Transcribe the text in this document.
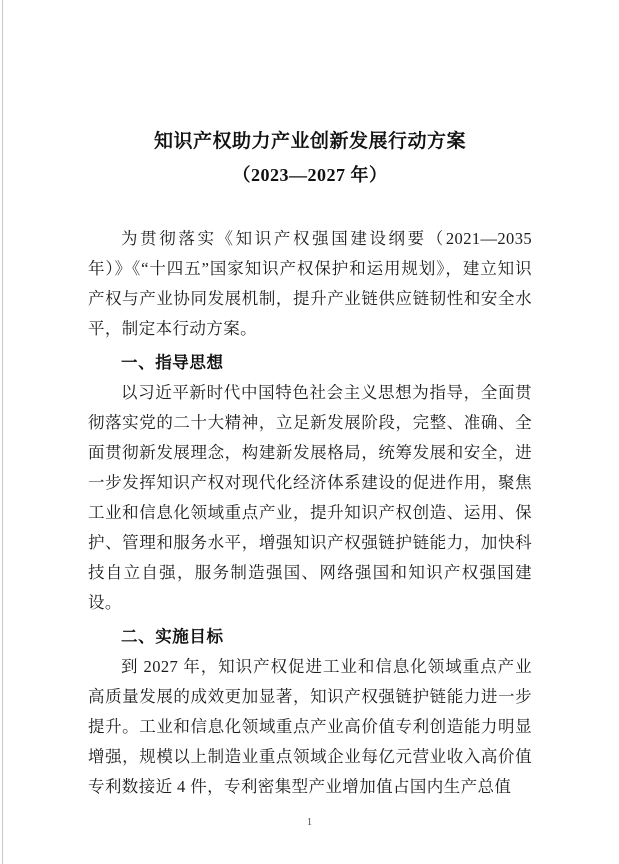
知识产权助力产业创新发展行动方案
（2023—2027 年）

为贯彻落实《知识产权强国建设纲要（2021—2035 年）》《“十四五”国家知识产权保护和运用规划》，建立知识产权与产业协同发展机制，提升产业链供应链韧性和安全水平，制定本行动方案。

一、指导思想

以习近平新时代中国特色社会主义思想为指导，全面贯彻落实党的二十大精神，立足新发展阶段，完整、准确、全面贯彻新发展理念，构建新发展格局，统筹发展和安全，进一步发挥知识产权对现代化经济体系建设的促进作用，聚焦工业和信息化领域重点产业，提升知识产权创造、运用、保护、管理和服务水平，增强知识产权强链护链能力，加快科技自立自强，服务制造强国、网络强国和知识产权强国建设。

二、实施目标

到 2027 年，知识产权促进工业和信息化领域重点产业高质量发展的成效更加显著，知识产权强链护链能力进一步提升。工业和信息化领域重点产业高价值专利创造能力明显增强，规模以上制造业重点领域企业每亿元营业收入高价值专利数接近 4 件，专利密集型产业增加值占国内生产总值

1
